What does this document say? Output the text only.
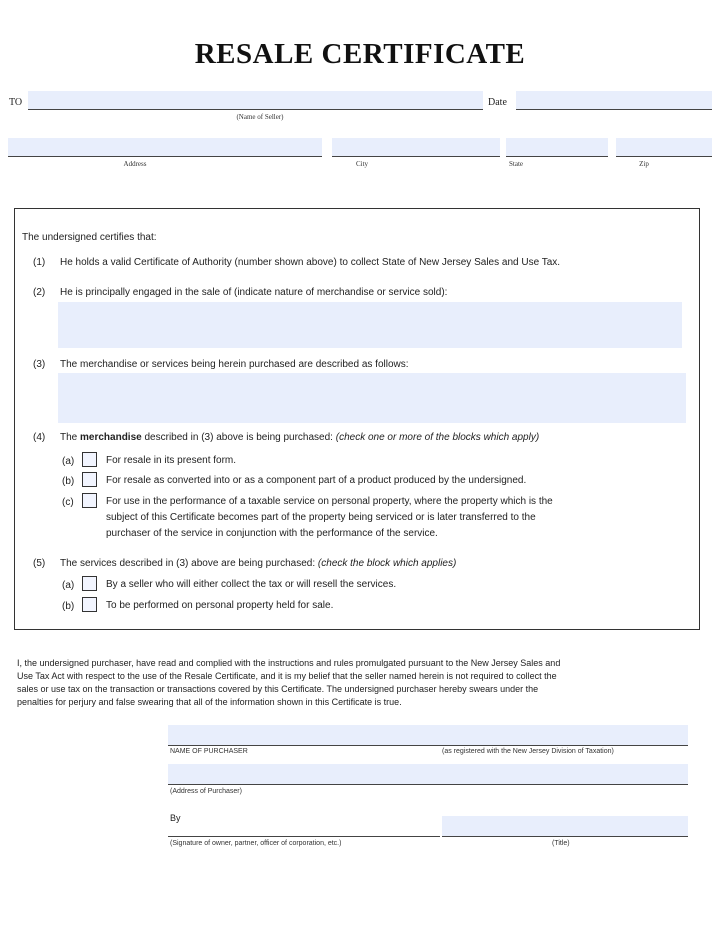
RESALE CERTIFICATE
TO
(Name of Seller)
Date
Address	City	State	Zip
The undersigned certifies that:
(1) He holds a valid Certificate of Authority (number shown above) to collect State of New Jersey Sales and Use Tax.
(2) He is principally engaged in the sale of (indicate nature of merchandise or service sold):
(3) The merchandise or services being herein purchased are described as follows:
(4) The merchandise described in (3) above is being purchased: (check one or more of the blocks which apply)
(a)	For resale in its present form.
(b)	For resale as converted into or as a component part of a product produced by the undersigned.
(c)	For use in the performance of a taxable service on personal property, where the property which is the
subject of this Certificate becomes part of the property being serviced or is later transferred to the
purchaser of the service in conjunction with the performance of the service.
(5) The services described in (3) above are being purchased: (check the block which applies)
(a)	By a seller who will either collect the tax or will resell the services.
(b)	To be performed on personal property held for sale.
I, the undersigned purchaser, have read and complied with the instructions and rules promulgated pursuant to the New Jersey Sales and
Use Tax Act with respect to the use of the Resale Certificate, and it is my belief that the seller named herein is not required to collect the
sales or use tax on the transaction or transactions covered by this Certificate. The undersigned purchaser hereby swears under the
penalties for perjury and false swearing that all of the information shown in this Certificate is true.
NAME OF PURCHASER	(as registered with the New Jersey Division of Taxation)
(Address of Purchaser)
By
(Signature of owner, partner, officer of corporation, etc.)	(Title)
